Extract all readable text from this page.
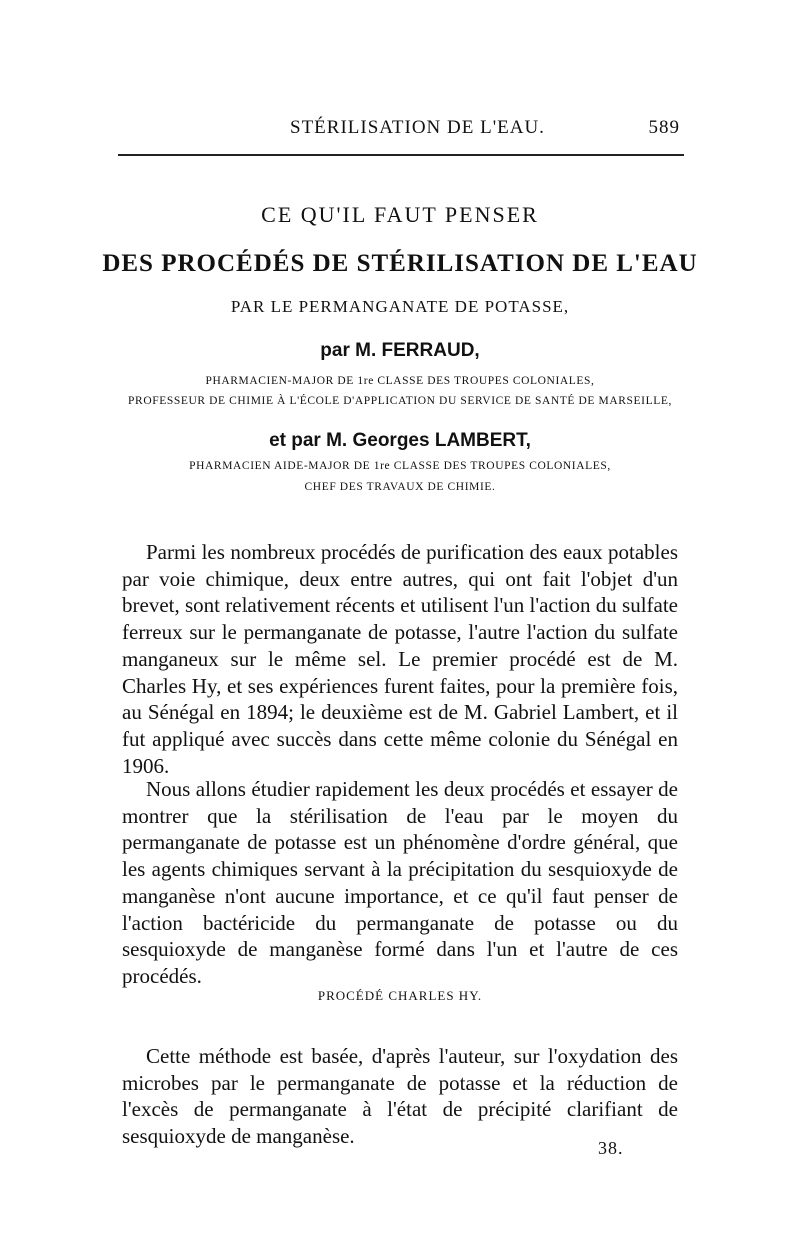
STÉRILISATION DE L'EAU.	589
CE QU'IL FAUT PENSER
DES PROCÉDÉS DE STÉRILISATION DE L'EAU
PAR LE PERMANGANATE DE POTASSE,
par M. FERRAUD,
PHARMACIEN-MAJOR DE 1re CLASSE DES TROUPES COLONIALES,
PROFESSEUR DE CHIMIE À L'ÉCOLE D'APPLICATION DU SERVICE DE SANTÉ DE MARSEILLE,
et par M. Georges LAMBERT,
PHARMACIEN AIDE-MAJOR DE 1re CLASSE DES TROUPES COLONIALES,
CHEF DES TRAVAUX DE CHIMIE.

Parmi les nombreux procédés de purification des eaux potables par voie chimique, deux entre autres, qui ont fait l'objet d'un brevet, sont relativement récents et utilisent l'un l'action du sulfate ferreux sur le permanganate de potasse, l'autre l'action du sulfate manganeux sur le même sel. Le premier procédé est de M. Charles Hy, et ses expériences furent faites, pour la première fois, au Sénégal en 1894; le deuxième est de M. Gabriel Lambert, et il fut appliqué avec succès dans cette même colonie du Sénégal en 1906.

Nous allons étudier rapidement les deux procédés et essayer de montrer que la stérilisation de l'eau par le moyen du permanganate de potasse est un phénomène d'ordre général, que les agents chimiques servant à la précipitation du sesquioxyde de manganèse n'ont aucune importance, et ce qu'il faut penser de l'action bactéricide du permanganate de potasse ou du sesquioxyde de manganèse formé dans l'un et l'autre de ces procédés.

PROCÉDÉ CHARLES HY.

Cette méthode est basée, d'après l'auteur, sur l'oxydation des microbes par le permanganate de potasse et la réduction de l'excès de permanganate à l'état de précipité clarifiant de sesquioxyde de manganèse.	38.
